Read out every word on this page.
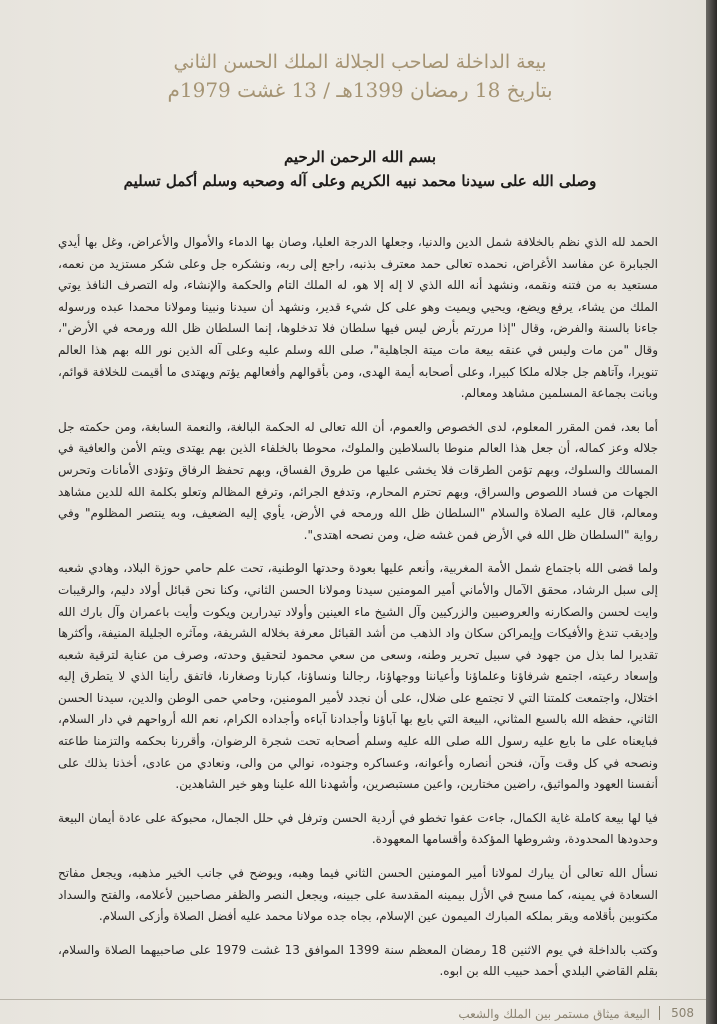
بيعة الداخلة لصاحب الجلالة الملك الحسن الثاني
بتاريخ 18 رمضان 1399هـ / 13 غشت 1979م
بسم الله الرحمن الرحيم
وصلى الله على سيدنا محمد نبيه الكريم وعلى آله وصحبه وسلم أكمل تسليم

الحمد لله الذي نظم بالخلافة شمل الدين والدنيا، وجعلها الدرجة العليا، وصان بها الدماء والأموال والأعراض، وغل بها أيدي الجبابرة عن مفاسد الأغراض، نحمده تعالى حمد معترف بذنبه، راجع إلى ربه، ونشكره جل وعلى شكر مستزيد من نعمه، مستعيد به من فتنه ونقمه، ونشهد أنه الله الذي لا إله إلا هو، له الملك التام والحكمة والإنشاء، وله التصرف النافذ يوتي الملك من يشاء، يرفع ويضع، ويحيي ويميت وهو على كل شيء قدير، ونشهد أن سيدنا ونبينا ومولانا محمدا عبده ورسوله جاءنا بالسنة والفرض، وقال "إذا مررتم بأرض ليس فيها سلطان فلا تدخلوها، إنما السلطان ظل الله ورمحه في الأرض"، وقال "من مات وليس في عنقه بيعة مات ميتة الجاهلية"، صلى الله وسلم عليه وعلى آله الذين نور الله بهم هذا العالم تنويرا، وآتاهم جل جلاله ملكا كبيرا، وعلى أصحابه أيمة الهدى، ومن بأقوالهم وأفعالهم يؤتم ويهتدى ما أقيمت للخلافة قوائم، وبانت بجماعة المسلمين مشاهد ومعالم.

أما بعد، فمن المقرر المعلوم، لدى الخصوص والعموم، أن الله تعالى له الحكمة البالغة، والنعمة السابغة، ومن حكمته جل جلاله وعز كماله، أن جعل هذا العالم منوطا بالسلاطين والملوك، محوطا بالخلفاء الذين بهم يهتدى ويتم الأمن والعافية في المسالك والسلوك، وبهم تؤمن الطرقات فلا يخشى عليها من طروق الفساق، وبهم تحفظ الرفاق وتؤدى الأمانات وتحرس الجهات من فساد اللصوص والسراق، وبهم تحترم المحارم، وتدفع الجرائم، وترفع المظالم وتعلو بكلمة الله للدين مشاهد ومعالم، قال عليه الصلاة والسلام "السلطان ظل الله ورمحه في الأرض، يأوي إليه الضعيف، وبه ينتصر المظلوم" وفي رواية "السلطان ظل الله في الأرض فمن غشه ضل، ومن نصحه اهتدى".

ولما قضى الله باجتماع شمل الأمة المغربية، وأنعم عليها بعودة وحدتها الوطنية، تحت علم حامي حوزة البلاد، وهادي شعبه إلى سبل الرشاد، محقق الآمال والأماني أمير المومنين سيدنا ومولانا الحسن الثاني، وكنا نحن قبائل أولاد دليم، والرقيبات وايت لحسن والصكارنه والعروصيين والزركيين وآل الشيخ ماء العينين وأولاد تيدرارين ويكوت وأيت باعمران وآل بارك الله وإديقب تندغ والأفيكات وإيمراكن سكان واد الذهب من أشد القبائل معرفة بخلاله الشريفة، ومآثره الجليلة المنيفة، وأكثرها تقديرا لما بذل من جهود في سبيل تحرير وطنه، وسعى من سعي محمود لتحقيق وحدته، وصرف من عناية لترقية شعبه وإسعاد رعيته، اجتمع شرفاؤنا وعلماؤنا وأعياننا ووجهاؤنا، رجالنا ونساؤنا، كبارنا وصغارنا، فاتفق رأينا الذي لا يتطرق إليه اختلال، واجتمعت كلمتنا التي لا تجتمع على ضلال، على أن نجدد لأمير المومنين، وحامي حمى الوطن والدين، سيدنا الحسن الثاني، حفظه الله بالسبع المثاني، البيعة التي بايع بها آباؤنا وأجدادنا آباءه وأجداده الكرام، نعم الله أرواحهم في دار السلام، فبايعناه على ما بايع عليه رسول الله صلى الله عليه وسلم أصحابه تحت شجرة الرضوان، وأقررنا بحكمه والتزمنا طاعته ونصحه في كل وقت وآن، فنحن أنصاره وأعوانه، وعساكره وجنوده، نوالي من والى، ونعادي من عادى، أخذنا بذلك على أنفسنا العهود والمواثيق، راضين مختارين، واعين مستبصرين، وأشهدنا الله علينا وهو خير الشاهدين.

فيا لها بيعة كاملة غاية الكمال، جاءت عفوا تخطو في أردية الحسن وترفل في حلل الجمال، محبوكة على عادة أيمان البيعة وحدودها المحدودة، وشروطها المؤكدة وأقسامها المعهودة.

نسأل الله تعالى أن يبارك لمولانا أمير المومنين الحسن الثاني فيما وهبه، ويوضح في جانب الخير مذهبه، ويجعل مفاتح السعادة في يمينه، كما مسح في الأزل بيمينه المقدسة على جبينه، ويجعل النصر والظفر مصاحبين لأعلامه، والفتح والسداد مكتوبين بأقلامه ويقر بملكه المبارك الميمون عين الإسلام، بجاه جده مولانا محمد عليه أفضل الصلاة وأزكى السلام.

وكتب بالداخلة في يوم الاثنين 18 رمضان المعظم سنة 1399 الموافق 13 غشت 1979 على صاحبيهما الصلاة والسلام، بقلم القاضي البلدي أحمد حبيب الله بن ابوه.

البيعة ميثاق مستمر بين الملك والشعب 508
